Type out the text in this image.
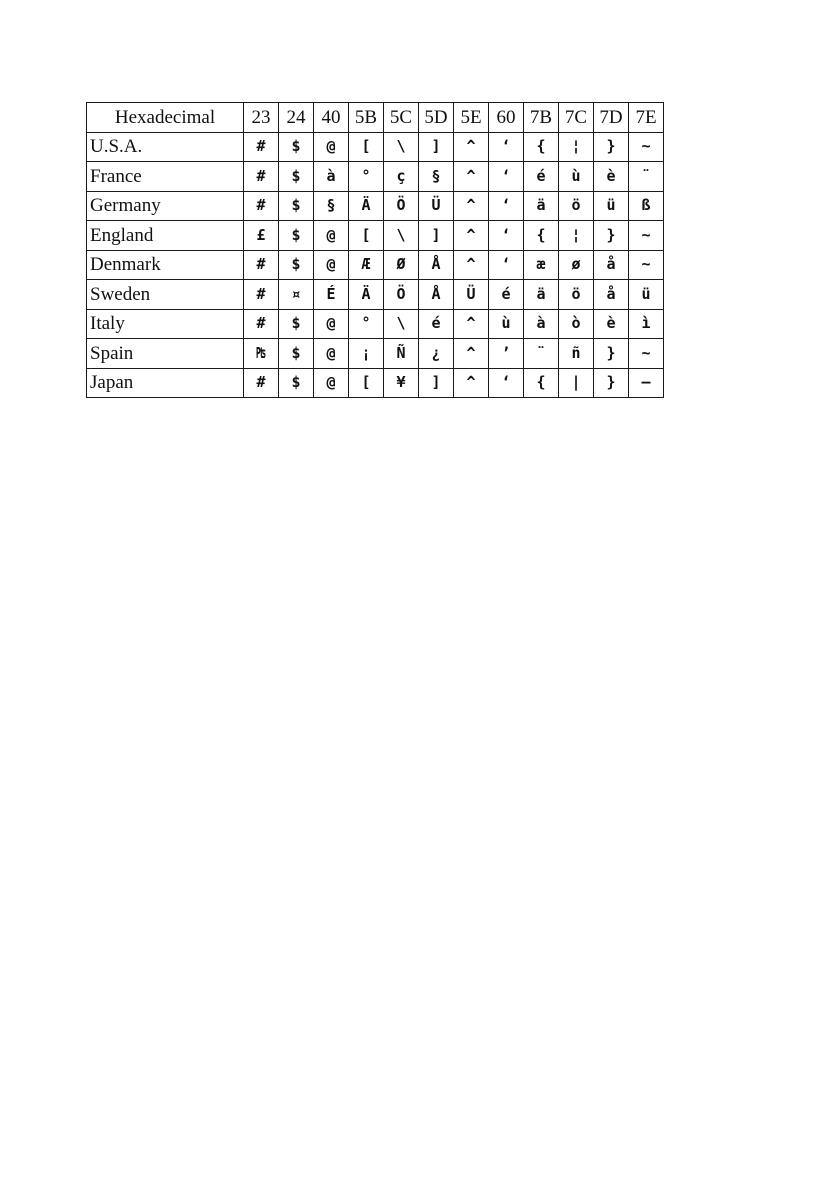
Hexadecimal	23	24	40	5B	5C	5D	5E	60	7B	7C	7D	7E
U.S.A.	#	$	@	[	\	]	^	‘	{	¦	}	~
France	#	$	à	°	ç	§	^	‘	é	ù	è	¨
Germany	#	$	§	Ä	Ö	Ü	^	‘	ä	ö	ü	ß
England	£	$	@	[	\	]	^	‘	{	¦	}	~
Denmark	#	$	@	Æ	Ø	Å	^	‘	æ	ø	å	~
Sweden	#	¤	É	Ä	Ö	Å	Ü	é	ä	ö	å	ü
Italy	#	$	@	°	\	é	^	ù	à	ò	è	ì
Spain	₧	$	@	¡	Ñ	¿	^	’	¨	ñ	}	~
Japan	#	$	@	[	¥	]	^	‘	{	|	}	—
